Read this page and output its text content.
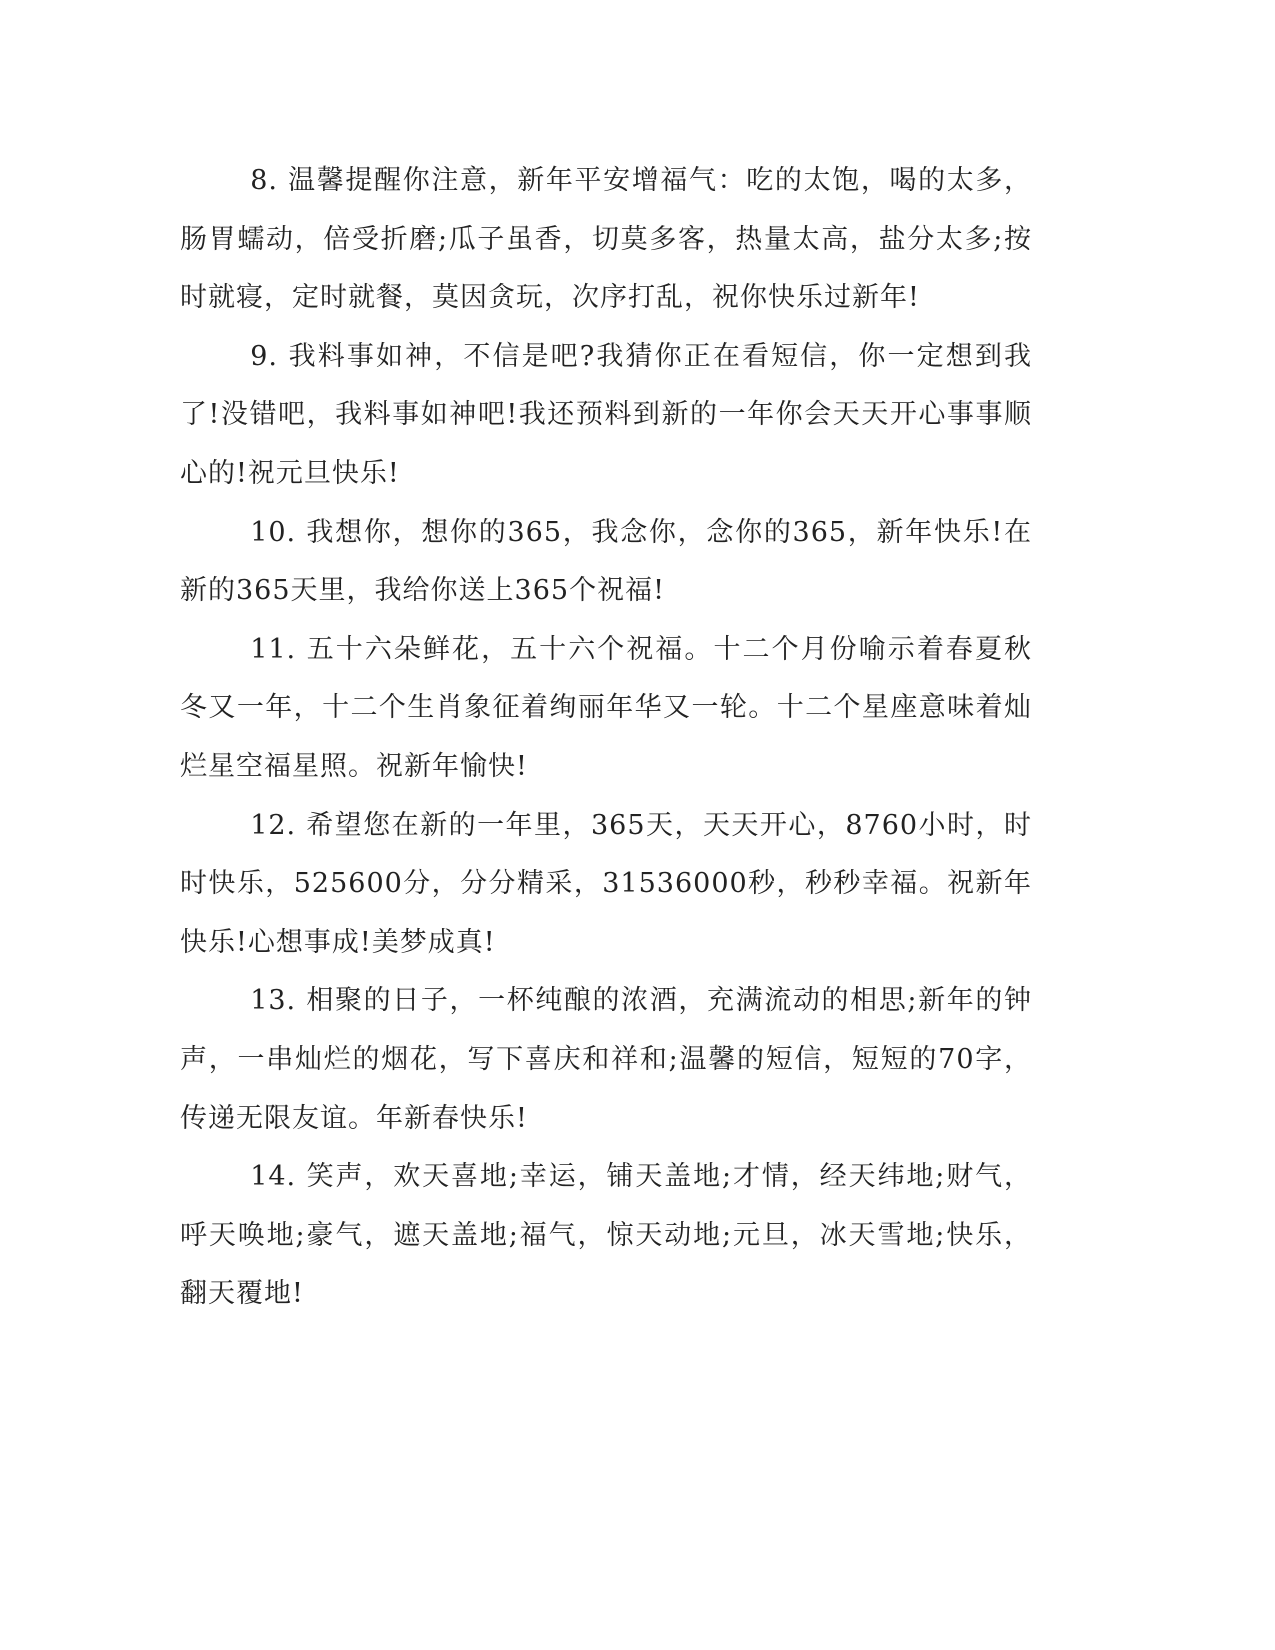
8. 温馨提醒你注意，新年平安增福气：吃的太饱，喝的太多，肠胃蠕动，倍受折磨;瓜子虽香，切莫多客，热量太高，盐分太多;按时就寝，定时就餐，莫因贪玩，次序打乱，祝你快乐过新年!

9. 我料事如神，不信是吧?我猜你正在看短信，你一定想到我了!没错吧，我料事如神吧!我还预料到新的一年你会天天开心事事顺心的!祝元旦快乐!

10. 我想你，想你的365，我念你，念你的365，新年快乐!在新的365天里，我给你送上365个祝福!

11. 五十六朵鲜花，五十六个祝福。十二个月份喻示着春夏秋冬又一年，十二个生肖象征着绚丽年华又一轮。十二个星座意味着灿烂星空福星照。祝新年愉快!

12. 希望您在新的一年里，365天，天天开心，8760小时，时时快乐，525600分，分分精采，31536000秒，秒秒幸福。祝新年快乐!心想事成!美梦成真!

13. 相聚的日子，一杯纯酿的浓酒，充满流动的相思;新年的钟声，一串灿烂的烟花，写下喜庆和祥和;温馨的短信，短短的70字，传递无限友谊。年新春快乐!

14. 笑声，欢天喜地;幸运，铺天盖地;才情，经天纬地;财气，呼天唤地;豪气，遮天盖地;福气，惊天动地;元旦，冰天雪地;快乐，翻天覆地!
